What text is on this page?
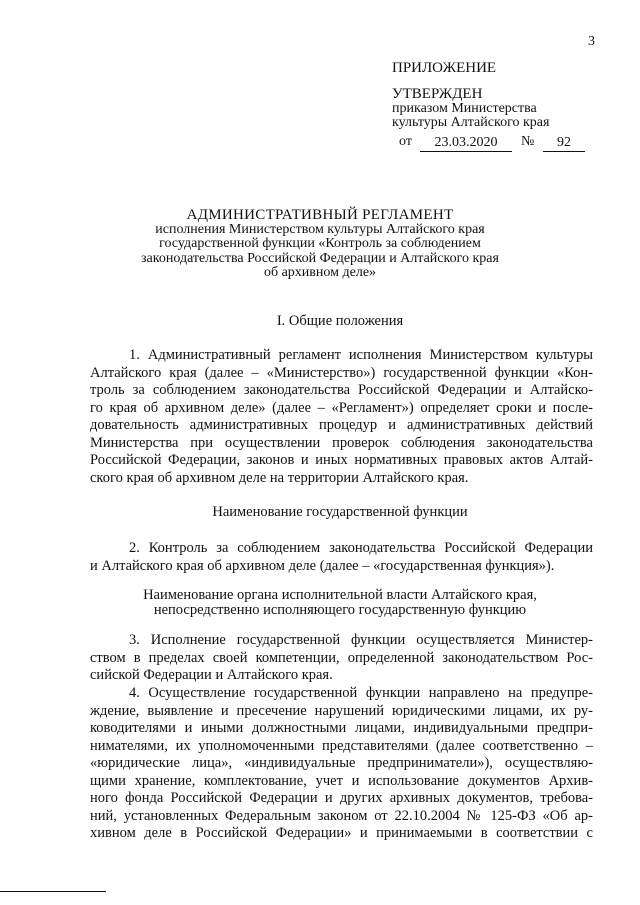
3
ПРИЛОЖЕНИЕ
УТВЕРЖДЕН
приказом Министерства
культуры Алтайского края
от	23.03.2020	№	92
АДМИНИСТРАТИВНЫЙ РЕГЛАМЕНТ
исполнения Министерством культуры Алтайского края
государственной функции «Контроль за соблюдением
законодательства Российской Федерации и Алтайского края
об архивном деле»
I. Общие положения
1. Административный регламент исполнения Министерством культуры
Алтайского края (далее – «Министерство») государственной функции «Кон-
троль за соблюдением законодательства Российской Федерации и Алтайско-
го края об архивном деле» (далее – «Регламент») определяет сроки и после-
довательность административных процедур и административных действий
Министерства при осуществлении проверок соблюдения законодательства
Российской Федерации, законов и иных нормативных правовых актов Алтай-
ского края об архивном деле на территории Алтайского края.
Наименование государственной функции
2. Контроль за соблюдением законодательства Российской Федерации
и Алтайского края об архивном деле (далее – «государственная функция»).
Наименование органа исполнительной власти Алтайского края,
непосредственно исполняющего государственную функцию
3. Исполнение государственной функции осуществляется Министер-
ством в пределах своей компетенции, определенной законодательством Рос-
сийской Федерации и Алтайского края.
4. Осуществление государственной функции направлено на предупре-
ждение, выявление и пресечение нарушений юридическими лицами, их ру-
ководителями и иными должностными лицами, индивидуальными предпри-
нимателями, их уполномоченными представителями (далее соответственно –
«юридические лица», «индивидуальные предприниматели»), осуществляю-
щими хранение, комплектование, учет и использование документов Архив-
ного фонда Российской Федерации и других архивных документов, требова-
ний, установленных Федеральным законом от 22.10.2004 № 125-ФЗ «Об ар-
хивном деле в Российской Федерации» и принимаемыми в соответствии с
